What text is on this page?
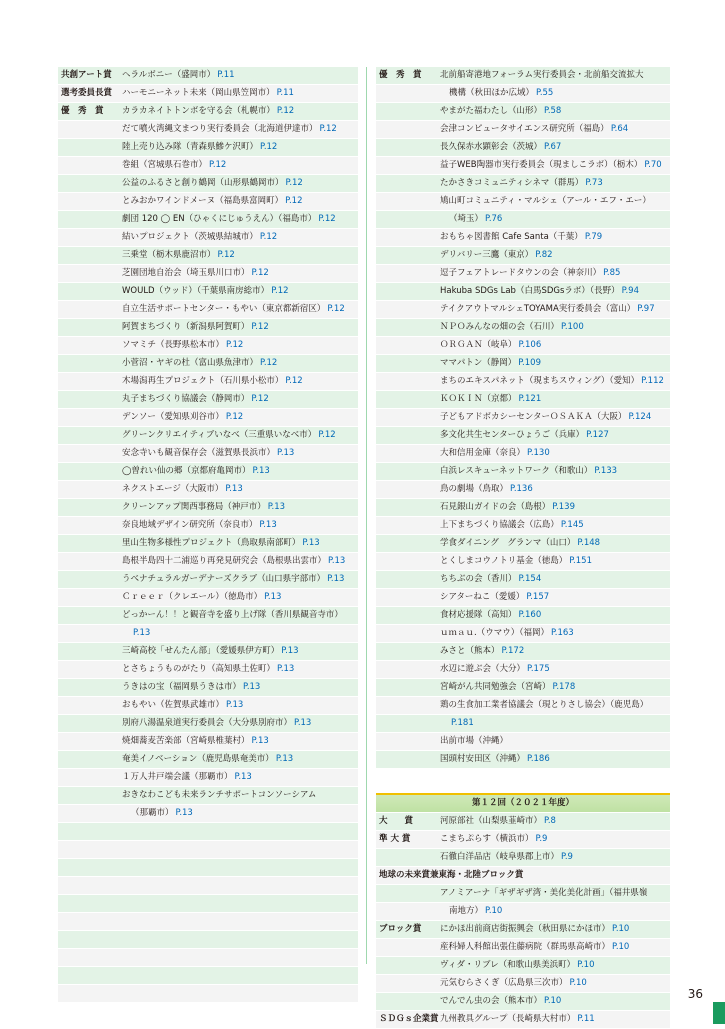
共創アート賞	ヘラルボニー（盛岡市） P.11
選考委員長賞	ハーモニーネット未来（岡山県笠岡市） P.11
優　秀　賞	カラカネイトトンボを守る会（札幌市） P.12
だて噴火湾縄文まつり実行委員会（北海道伊達市） P.12
陸上売り込み隊（青森県鰺ケ沢町） P.12
巻組（宮城県石巻市） P.12
公益のふるさと創り鶴岡（山形県鶴岡市） P.12
とみおかワインドメーヌ（福島県富岡町） P.12
劇団 120 ◯ EN（ひゃくにじゅうえん）（福島市） P.12
結いプロジェクト（茨城県結城市） P.12
三乗堂（栃木県鹿沼市） P.12
芝園団地自治会（埼玉県川口市） P.12
WOULD（ウッド）（千葉県南房総市） P.12
自立生活サポートセンター・もやい（東京都新宿区） P.12
阿賀まちづくり（新潟県阿賀町） P.12
ソマミチ（長野県松本市） P.12
小菅沼・ヤギの杜（富山県魚津市） P.12
木場潟再生プロジェクト（石川県小松市） P.12
丸子まちづくり協議会（静岡市） P.12
デンソー（愛知県刈谷市） P.12
グリーンクリエイティブいなべ（三重県いなべ市） P.12
安念寺いも観音保存会（滋賀県長浜市） P.13
◯曽れい仙の郷（京都府亀岡市） P.13
ネクストエージ（大阪市） P.13
クリーンアップ関西事務局（神戸市） P.13
奈良地域デザイン研究所（奈良市） P.13
里山生物多様性プロジェクト（鳥取県南部町） P.13
島根半島四十二浦巡り再発見研究会（島根県出雲市） P.13
うべナチュラルガーデナーズクラブ（山口県宇部市） P.13
Ｃｒｅｅｒ（クレエール）（徳島市） P.13
どっかーん！！と観音寺を盛り上げ隊（香川県観音寺市）
P.13
三崎高校「せんたん部」（愛媛県伊方町） P.13
とさちょうものがたり（高知県土佐町） P.13
うきはの宝（福岡県うきは市） P.13
おもやい（佐賀県武雄市） P.13
別府八湯温泉道実行委員会（大分県別府市） P.13
焼畑蕎麦苦楽部（宮崎県椎葉村） P.13
奄美イノベーション（鹿児島県奄美市） P.13
１万人井戸端会議（那覇市） P.13
おきなわこども未来ランチサポートコンソーシアム
（那覇市） P.13
優　秀　賞	北前船寄港地フォーラム実行委員会・北前船交流拡大
機構（秋田ほか広域） P.55
やまがた福わたし（山形） P.58
会津コンピュータサイエンス研究所（福島） P.64
長久保赤水顕彰会（茨城） P.67
益子WEB陶器市実行委員会（現ましこラボ）（栃木） P.70
たかさきコミュニティシネマ（群馬） P.73
鳩山町コミュニティ・マルシェ（アール・エフ・エー）
（埼玉） P.76
おもちゃ図書館 Cafe Santa（千葉） P.79
デリバリー三鷹（東京） P.82
逗子フェアトレードタウンの会（神奈川） P.85
Hakuba SDGs Lab（白馬SDGsラボ）（長野） P.94
テイクアウトマルシェTOYAMA実行委員会（富山） P.97
ＮＰＯみんなの畑の会（石川） P.100
ＯＲＧＡＮ（岐阜） P.106
ママパトン（静岡） P.109
まちのエキスパネット（現まちスウィング）（愛知） P.112
ＫＯＫＩＮ（京都） P.121
子どもアドボカシーセンターＯＳＡＫＡ（大阪） P.124
多文化共生センターひょうご（兵庫） P.127
大和信用金庫（奈良） P.130
白浜レスキューネットワーク（和歌山） P.133
鳥の劇場（鳥取） P.136
石見銀山ガイドの会（島根） P.139
上下まちづくり協議会（広島） P.145
学食ダイニング　グランマ（山口） P.148
とくしまコウノトリ基金（徳島） P.151
ちちぶの会（香川） P.154
シアターねこ（愛媛） P.157
食材応援隊（高知） P.160
ｕｍａｕ.（ウマウ）（福岡） P.163
みさと（熊本） P.172
水辺に遊ぶ会（大分） P.175
宮崎がん共同勉強会（宮崎） P.178
鶏の生食加工業者協議会（現とりさし協会）（鹿児島）
P.181
出前市場（沖縄）
国頭村安田区（沖縄） P.186
第１２回（２０２１年度）
大　　賞	河原部社（山梨県韮崎市） P.8
準 大 賞	こまちぷらす（横浜市） P.9
石徹白洋品店（岐阜県郡上市） P.9
地球の未来賞兼東海・北陸ブロック賞
アノミアーナ「ギザギザ湾・美化美化計画」（福井県嶺
南地方） P.10
ブロック賞	にかほ出前商店街振興会（秋田県にかほ市） P.10
産科婦人科館出張住藤病院（群馬県高崎市） P.10
ヴィダ・リブレ（和歌山県美浜町） P.10
元気むらさくぎ（広島県三次市） P.10
でんでん虫の会（熊本市） P.10
ＳＤＧｓ企業賞 九州教具グループ（長崎県大村市） P.11
36
